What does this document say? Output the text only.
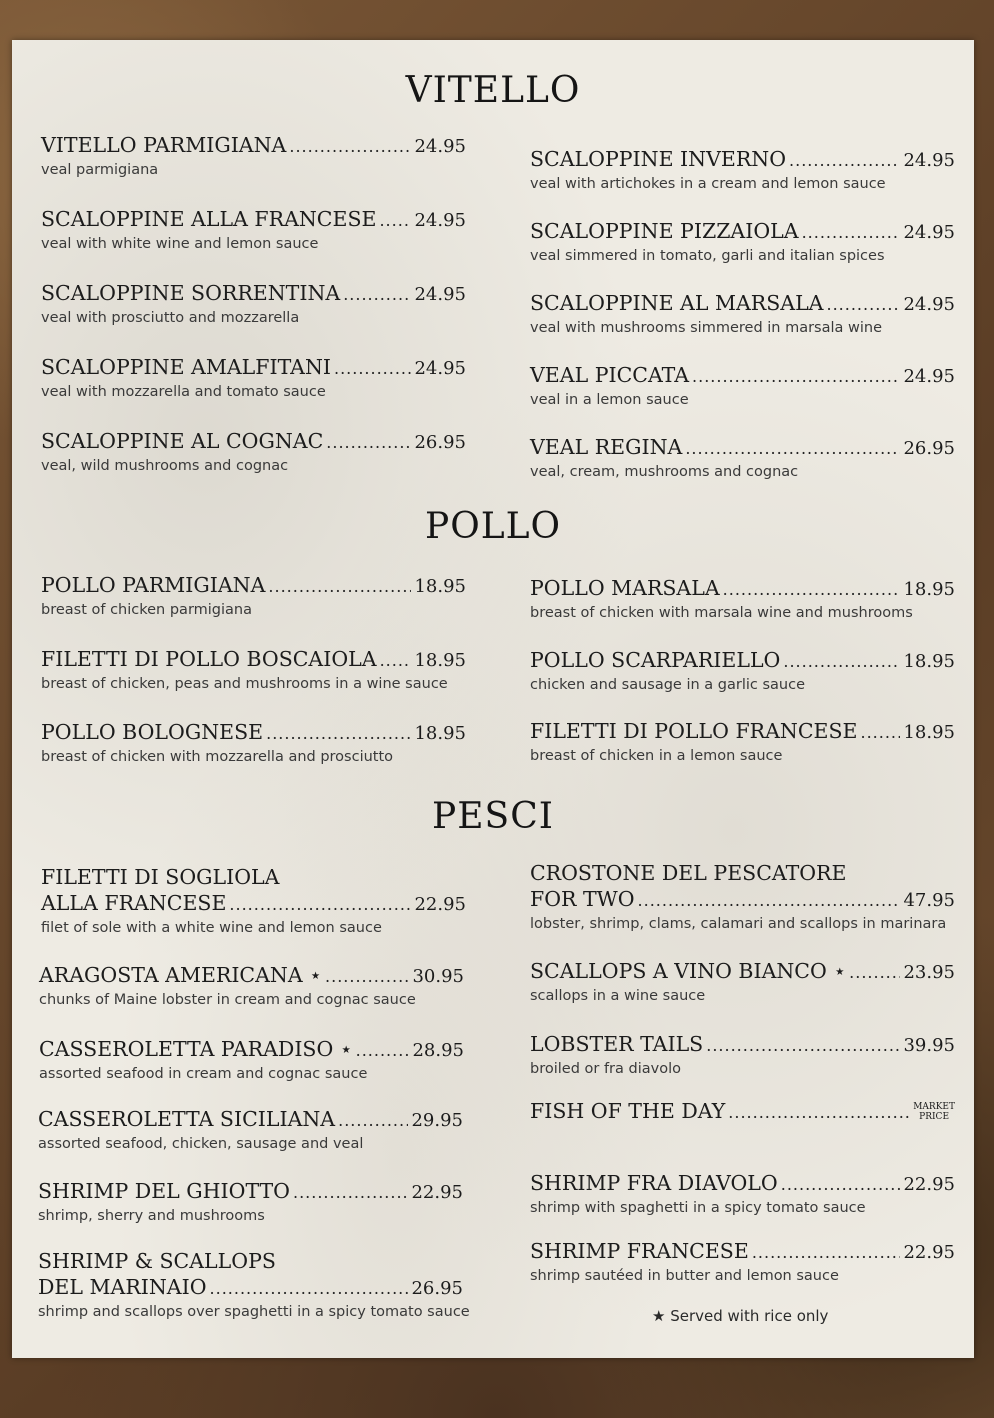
VITELLO
VITELLO PARMIGIANA .....	24.95
veal parmigiana
SCALOPPINE ALLA FRANCESE ..... 24.95
veal with white wine and lemon sauce
SCALOPPINE SORRENTINA .....	24.95
veal with prosciutto and mozzarella
SCALOPPINE AMALFITANI .....	24.95
veal with mozzarella and tomato sauce
SCALOPPINE AL COGNAC .....	26.95
veal, wild mushrooms and cognac
SCALOPPINE INVERNO .....	24.95
veal with artichokes in a cream and lemon sauce
SCALOPPINE PIZZAIOLA .....	24.95
veal simmered in tomato, garli and italian spices
SCALOPPINE AL MARSALA .....	24.95
veal with mushrooms simmered in marsala wine
VEAL PICCATA .....	24.95
veal in a lemon sauce
VEAL REGINA .....	26.95
veal, cream, mushrooms and cognac
POLLO
POLLO PARMIGIANA .....	18.95
breast of chicken parmigiana
FILETTI DI POLLO BOSCAIOLA ..... 18.95
breast of chicken, peas and mushrooms in a wine sauce
POLLO BOLOGNESE .....	18.95
breast of chicken with mozzarella and prosciutto
POLLO MARSALA .....	18.95
breast of chicken with marsala wine and mushrooms
POLLO SCARPARIELLO .....	18.95
chicken and sausage in a garlic sauce
FILETTI DI POLLO FRANCESE .....	18.95
breast of chicken in a lemon sauce
PESCI
FILETTI DI SOGLIOLA
ALLA FRANCESE .....	22.95
filet of sole with a white wine and lemon sauce
ARAGOSTA AMERICANA ⋆ .....	30.95
chunks of Maine lobster in cream and cognac sauce
CASSEROLETTA PARADISO ⋆ .....	28.95
assorted seafood in cream and cognac sauce
CASSEROLETTA SICILIANA .....	29.95
assorted seafood, chicken, sausage and veal
SHRIMP DEL GHIOTTO .....	22.95
shrimp, sherry and mushrooms
SHRIMP & SCALLOPS
DEL MARINAIO .....	26.95
shrimp and scallops over spaghetti in a spicy tomato sauce
CROSTONE DEL PESCATORE
FOR TWO .....	47.95
lobster, shrimp, clams, calamari and scallops in marinara
SCALLOPS A VINO BIANCO ⋆ .....	23.95
scallops in a wine sauce
LOBSTER TAILS .....	39.95
broiled or fra diavolo
FISH OF THE DAY .....	MARKET
PRICE
SHRIMP FRA DIAVOLO .....	22.95
shrimp with spaghetti in a spicy tomato sauce
SHRIMP FRANCESE .....	22.95
shrimp sautéed in butter and lemon sauce
★ Served with rice only
